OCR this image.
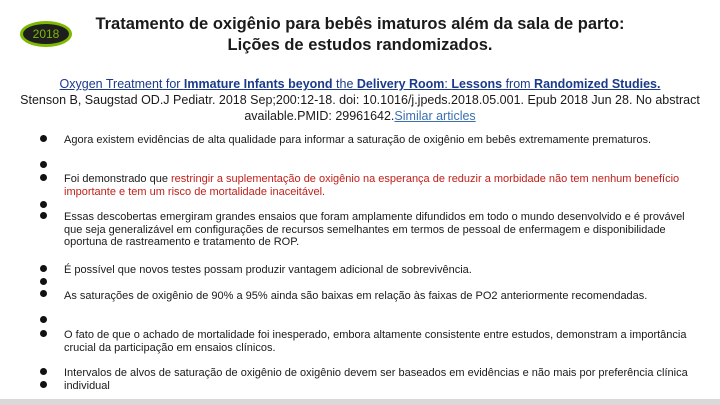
2018
Tratamento de oxigênio para bebês imaturos além da sala de parto:
Lições de estudos randomizados.
Oxygen Treatment for Immature Infants beyond the Delivery Room: Lessons from Randomized Studies.
Stenson B, Saugstad OD.J Pediatr. 2018 Sep;200:12-18. doi: 10.1016/j.jpeds.2018.05.001. Epub 2018 Jun 28. No abstract available.PMID: 29961642.Similar articles
Agora existem evidências de alta qualidade para informar a saturação de oxigênio em bebês extremamente prematuros.
Foi demonstrado que restringir a suplementação de oxigênio na esperança de reduzir a morbidade não tem nenhum benefício importante e tem um risco de mortalidade inaceitável.
Essas descobertas emergiram grandes ensaios que foram amplamente difundidos em todo o mundo desenvolvido e é provável que seja generalizável em configurações de recursos semelhantes em termos de pessoal de enfermagem e disponibilidade oportuna de rastreamento e tratamento de ROP.
É possível que novos testes possam produzir vantagem adicional de sobrevivência.
As saturações de oxigênio de 90% a 95% ainda são baixas em relação às faixas de PO2 anteriormente recomendadas.
O fato de que o achado de mortalidade foi inesperado, embora altamente consistente entre estudos, demonstram a importância crucial da participação em ensaios clínicos.
Intervalos de alvos de saturação de oxigênio de oxigênio devem ser baseados em evidências e não mais por preferência clínica individual
